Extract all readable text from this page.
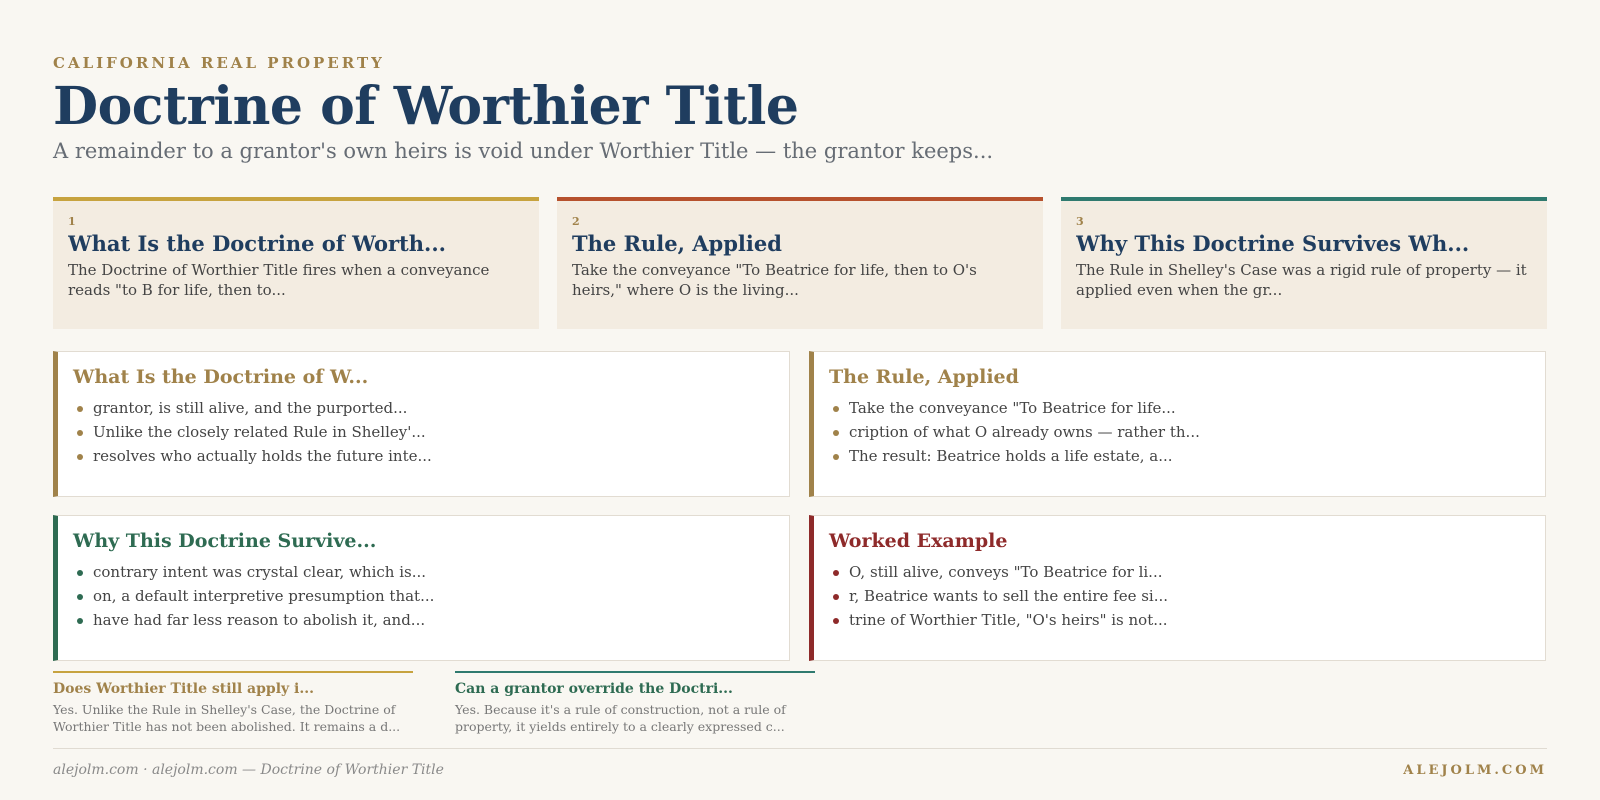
CALIFORNIA REAL PROPERTY
Doctrine of Worthier Title
A remainder to a grantor's own heirs is void under Worthier Title — the grantor keeps...
1
What Is the Doctrine of Worth...
The Doctrine of Worthier Title fires when a conveyance reads "to B for life, then to...
2
The Rule, Applied
Take the conveyance "To Beatrice for life, then to O's heirs," where O is the living...
3
Why This Doctrine Survives Wh...
The Rule in Shelley's Case was a rigid rule of property — it applied even when the gr...
What Is the Doctrine of W...
grantor, is still alive, and the purported...
Unlike the closely related Rule in Shelley'...
resolves who actually holds the future inte...
The Rule, Applied
Take the conveyance "To Beatrice for life...
cription of what O already owns — rather th...
The result: Beatrice holds a life estate, a...
Why This Doctrine Survive...
contrary intent was crystal clear, which is...
on, a default interpretive presumption that...
have had far less reason to abolish it, and...
Worked Example
O, still alive, conveys "To Beatrice for li...
r, Beatrice wants to sell the entire fee si...
trine of Worthier Title, "O's heirs" is not...
Does Worthier Title still apply i...
Yes. Unlike the Rule in Shelley's Case, the Doctrine of Worthier Title has not been abolished. It remains a d...
Can a grantor override the Doctri...
Yes. Because it's a rule of construction, not a rule of property, it yields entirely to a clearly expressed c...
alejolm.com · alejolm.com — Doctrine of Worthier Title	ALEJOLM.COM
